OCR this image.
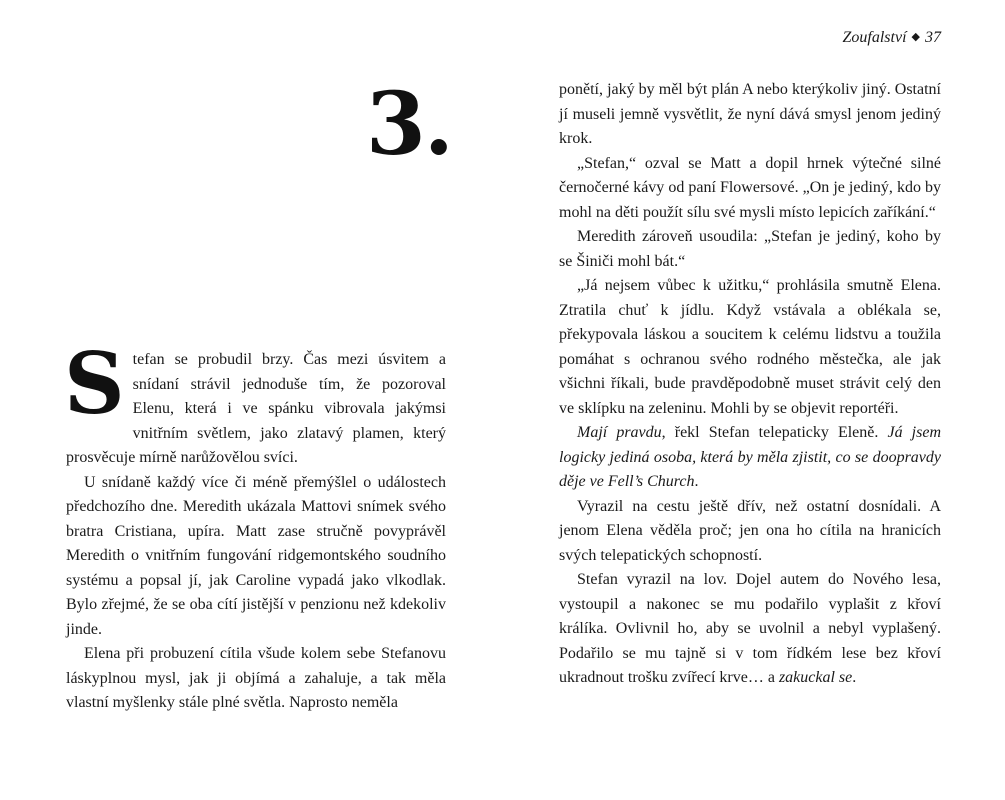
3.

Stefan se probudil brzy. Čas mezi úsvitem a snídaní strávil jednoduše tím, že pozoroval Elenu, která i ve spánku vibrovala jakýmsi vnitřním světlem, jako zlatavý plamen, který prosvěcuje mírně narůžovělou svíci.

U snídaně každý více či méně přemýšlel o událostech předchozího dne. Meredith ukázala Mattovi snímek svého bratra Cristiana, upíra. Matt zase stručně povyprávěl Meredith o vnitřním fungování ridgemontského soudního systému a popsal jí, jak Caroline vypadá jako vlkodlak. Bylo zřejmé, že se oba cítí jistější v penzionu než kdekoliv jinde.

Elena při probuzení cítila všude kolem sebe Stefanovu láskyplnou mysl, jak ji objímá a zahaluje, a tak měla vlastní myšlenky stále plné světla. Naprosto neměla

Zoufalství ◆ 37

ponětí, jaký by měl být plán A nebo kterýkoliv jiný. Ostatní jí museli jemně vysvětlit, že nyní dává smysl jenom jediný krok.

„Stefan,“ ozval se Matt a dopil hrnek výtečné silné černočerné kávy od paní Flowersové. „On je jediný, kdo by mohl na děti použít sílu své mysli místo lepicích zaříkání.“

Meredith zároveň usoudila: „Stefan je jediný, koho by se Šiniči mohl bát.“

„Já nejsem vůbec k užitku,“ prohlásila smutně Elena. Ztratila chuť k jídlu. Když vstávala a oblékala se, překypovala láskou a soucitem k celému lidstvu a toužila pomáhat s ochranou svého rodného městečka, ale jak všichni říkali, bude pravděpodobně muset strávit celý den ve sklípku na zeleninu. Mohli by se objevit reportéři.

Mají pravdu, řekl Stefan telepaticky Eleně. Já jsem logicky jediná osoba, která by měla zjistit, co se doopravdy děje ve Fell’s Church.

Vyrazil na cestu ještě dřív, než ostatní dosnídali. A jenom Elena věděla proč; jen ona ho cítila na hranicích svých telepatických schopností.

Stefan vyrazil na lov. Dojel autem do Nového lesa, vystoupil a nakonec se mu podařilo vyplašit z křoví králíka. Ovlivnil ho, aby se uvolnil a nebyl vyplašený. Podařilo se mu tajně si v tom řídkém lese bez křoví ukradnout trošku zvířecí krve… a zakuckal se.
